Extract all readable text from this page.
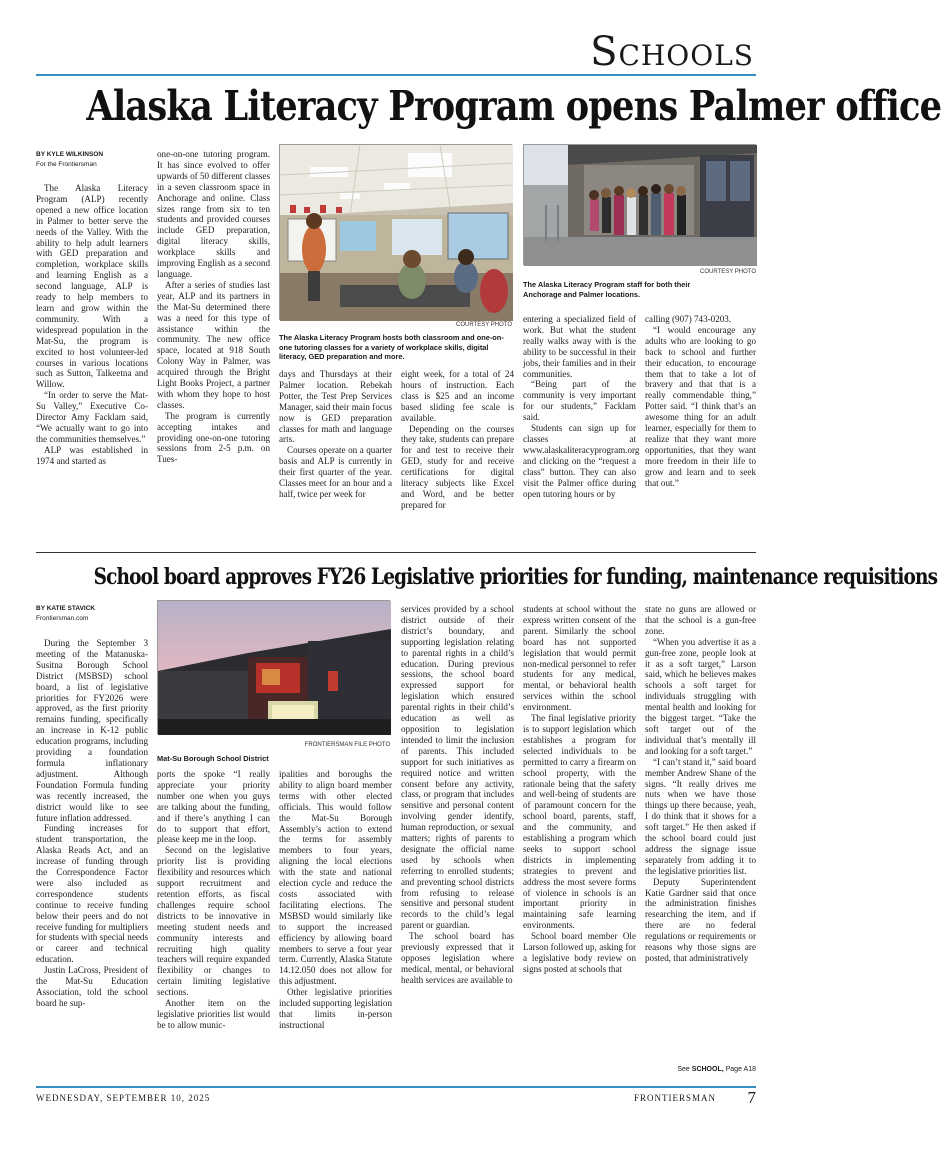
Schools
Alaska Literacy Program opens Palmer office
BY KYLE WILKINSON
For the Frontiersman

The Alaska Literacy Program (ALP) recently opened a new office location in Palmer to better serve the needs of the Valley. With the ability to help adult learners with GED preparation and completion, workplace skills and learning English as a second language, ALP is ready to help members to learn and grow within the community. With a widespread population in the Mat-Su, the program is excited to host volunteer-led courses in various locations such as Sutton, Talkeetna and Willow.

“In order to serve the Mat-Su Valley,” Executive Co-Director Amy Facklam said, “We actually want to go into the communities themselves.”

ALP was established in 1974 and started as

one-on-one tutoring program. It has since evolved to offer upwards of 50 different classes in a seven classroom space in Anchorage and online. Class sizes range from six to ten students and provided courses include GED preparation, digital literacy skills, workplace skills and improving English as a second language.

After a series of studies last year, ALP and its partners in the Mat-Su determined there was a need for this type of assistance within the community. The new office space, located at 918 South Colony Way in Palmer, was acquired through the Bright Light Books Project, a partner with whom they hope to host classes.

The program is currently accepting intakes and providing one-on-one tutoring sessions from 2-5 p.m. on Tues-

COURTESY PHOTO
The Alaska Literacy Program hosts both classroom and one-on-one tutoring classes for a variety of workplace skills, digital literacy, GED preparation and more.
COURTESY PHOTO
The Alaska Literacy Program staff for both their Anchorage and Palmer locations.

days and Thursdays at their Palmer location. Rebekah Potter, the Test Prep Services Manager, said their main focus now is GED preparation classes for math and language arts.

Courses operate on a quarter basis and ALP is currently in their first quarter of the year. Classes meet for an hour and a half, twice per week for

eight week, for a total of 24 hours of instruction. Each class is $25 and an income based sliding fee scale is available.

Depending on the courses they take, students can prepare for and test to receive their GED, study for and receive certifications for digital literacy subjects like Excel and Word, and be better prepared for

entering a specialized field of work. But what the student really walks away with is the ability to be successful in their jobs, their families and in their communities.

“Being part of the community is very important for our students,” Facklam said.

Students can sign up for classes at www.alaskaliteracyprogram.org and clicking on the “request a class” button. They can also visit the Palmer office during open tutoring hours or by

calling (907) 743-0203.

“I would encourage any adults who are looking to go back to school and further their education, to encourage them that to take a lot of bravery and that that is a really commendable thing,” Potter said. “I think that’s an awesome thing for an adult learner, especially for them to realize that they want more opportunities, that they want more freedom in their life to grow and learn and to seek that out.”

School board approves FY26 Legislative priorities for funding, maintenance requisitions
BY KATIE STAVICK
Frontiersman.com
FRONTIERSMAN FILE PHOTO
Mat-Su Borough School District

During the September 3 meeting of the Matanuska-Susitna Borough School District (MSBSD) school board, a list of legislative priorities for FY2026 were approved, as the first priority remains funding, specifically an increase in K-12 public education programs, including providing a foundation formula inflationary adjustment. Although Foundation Formula funding was recently increased, the district would like to see future inflation addressed.

Funding increases for student transportation, the Alaska Reads Act, and an increase of funding through the Correspondence Factor were also included as correspondence students continue to receive funding below their peers and do not receive funding for multipliers for students with special needs or career and technical education.

Justin LaCross, President of the Mat-Su Education Association, told the school board he sup-

ports the spoke “I really appreciate your priority number one when you guys are talking about the funding, and if there’s anything I can do to support that effort, please keep me in the loop.

Second on the legislative priority list is providing flexibility and resources which support recruitment and retention efforts, as fiscal challenges require school districts to be innovative in meeting student needs and community interests and recruiting high quality teachers will require expanded flexibility or changes to certain limiting legislative sections.

Another item on the legislative priorities list would be to allow munic-

ipalities and boroughs the ability to align board member terms with other elected officials. This would follow the Mat-Su Borough Assembly’s action to extend the terms for assembly members to four years, aligning the local elections with the state and national election cycle and reduce the costs associated with facilitating elections. The MSBSD would similarly like to support the increased efficiency by allowing board members to serve a four year term. Currently, Alaska Statute 14.12.050 does not allow for this adjustment.

Other legislative priorities included supporting legislation that limits in-person instructional

services provided by a school district outside of their district’s boundary, and supporting legislation relating to parental rights in a child’s education. During previous sessions, the school board expressed support for legislation which ensured parental rights in their child’s education as well as opposition to legislation intended to limit the inclusion of parents. This included support for such initiatives as required notice and written consent before any activity, class, or program that includes sensitive and personal content involving gender identify, human reproduction, or sexual matters; rights of parents to designate the official name used by schools when referring to enrolled students; and preventing school districts from refusing to release sensitive and personal student records to the child’s legal parent or guardian.

The school board has previously expressed that it opposes legislation where medical, mental, or behavioral health services are available to

students at school without the express written consent of the parent. Similarly the school board has not supported legislation that would permit non-medical personnel to refer students for any medical, mental, or behavioral health services within the school environment.

The final legislative priority is to support legislation which establishes a program for selected individuals to be permitted to carry a firearm on school property, with the rationale being that the safety and well-being of students are of paramount concern for the school board, parents, staff, and the community, and establishing a program which seeks to support school districts in implementing strategies to prevent and address the most severe forms of violence in schools is an important priority in maintaining safe learning environments.

School board member Ole Larson followed up, asking for a legislative body review on signs posted at schools that

state no guns are allowed or that the school is a gun-free zone.

“When you advertise it as a gun-free zone, people look at it as a soft target,” Larson said, which he believes makes schools a soft target for individuals struggling with mental health and looking for the biggest target. “Take the soft target out of the individual that’s mentally ill and looking for a soft target.”

“I can’t stand it,” said board member Andrew Shane of the signs. “It really drives me nuts when we have those things up there because, yeah, I do think that it shows for a soft target.” He then asked if the school board could just address the signage issue separately from adding it to the legislative priorities list.

Deputy Superintendent Katie Gardner said that once the administration finishes researching the item, and if there are no federal regulations or requirements or reasons why those signs are posted, that administratively

See SCHOOL, Page A18
WEDNESDAY, SEPTEMBER 10, 2025	FRONTIERSMAN 7
